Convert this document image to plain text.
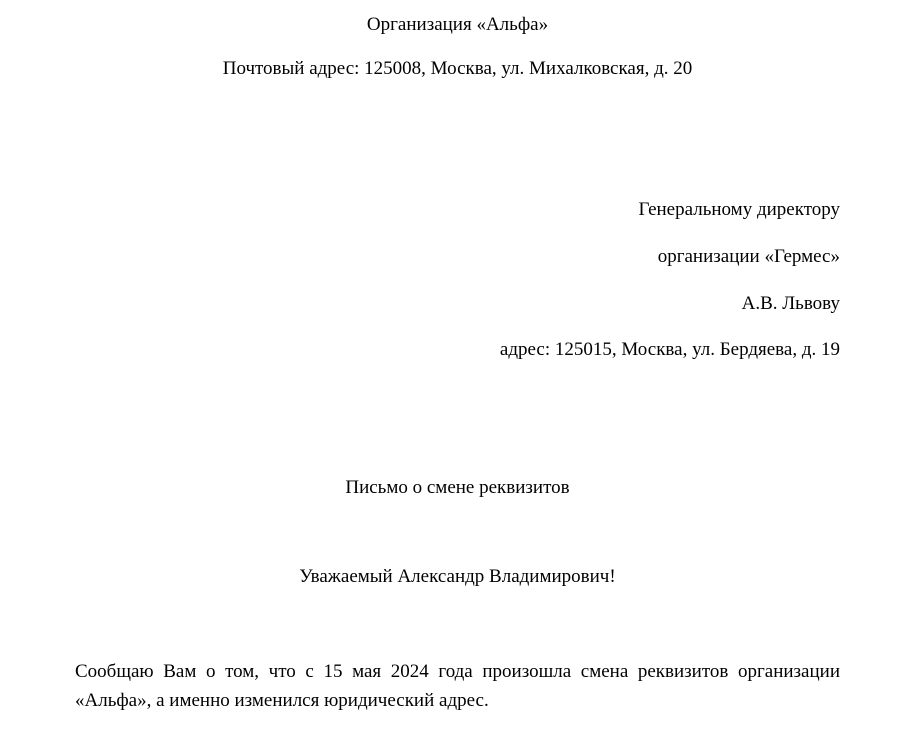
Организация «Альфа»
Почтовый адрес: 125008, Москва, ул. Михалковская, д. 20
Генеральному директору
организации «Гермес»
А.В. Львову
адрес: 125015, Москва, ул. Бердяева, д. 19
Письмо о смене реквизитов
Уважаемый Александр Владимирович!
Сообщаю Вам о том, что с 15 мая 2024 года произошла смена реквизитов организации «Альфа», а именно изменился юридический адрес.
